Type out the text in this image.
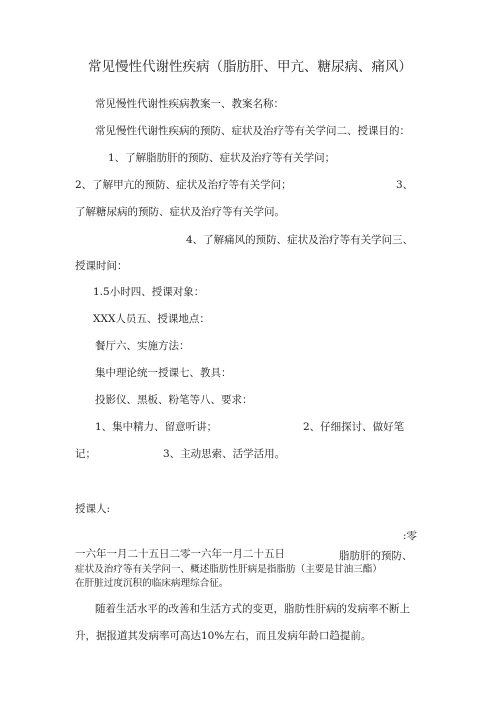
常见慢性代谢性疾病（脂肪肝、甲亢、糖尿病、痛风）
常见慢性代谢性疾病教案一、教案名称：
常见慢性代谢性疾病的预防、症状及治疗等有关学问二、授课目的：
1、了解脂肪肝的预防、症状及治疗等有关学问；
2、了解甲亢的预防、症状及治疗等有关学问；	3、
了解糖尿病的预防、症状及治疗等有关学问。
4、了解痛风的预防、症状及治疗等有关学问三、
授课时间：
1.5小时四、授课对象：
XXX人员五、授课地点：
餐厅六、实施方法：
集中理论统一授课七、教具：
投影仪、黑板、粉笔等八、要求：
1、集中精力、留意听讲；	2、仔细探讨、做好笔
记；	3、主动思索、活学活用。
授课人:
:零
一六年一月二十五日二零一六年一月二十五日	脂肪肝的预防、
症状及治疗等有关学问一、概述脂肪性肝病是指脂肪（主要是甘油三酯）
在肝脏过度沉积的临床病理综合征。
随着生活水平的改善和生活方式的变更，脂肪性肝病的发病率不断上
升，据报道其发病率可高达10%左右，而且发病年龄口趋提前。
